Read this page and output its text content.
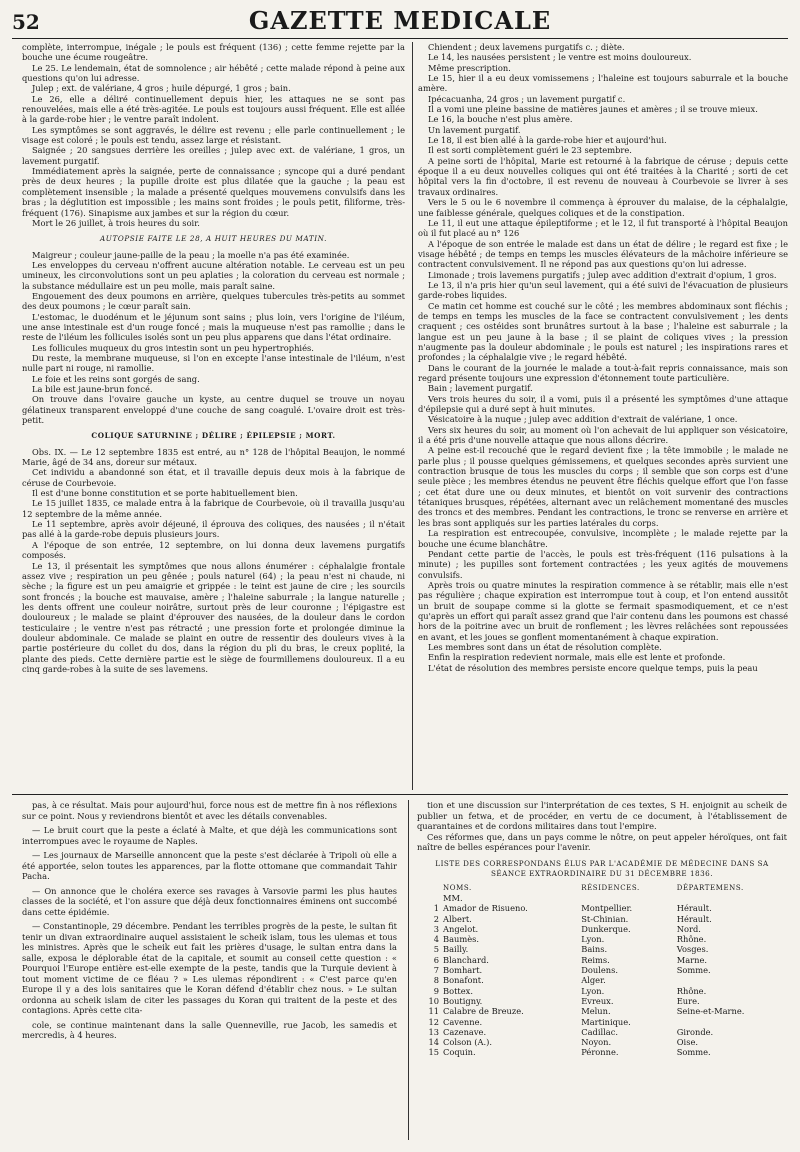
52	GAZETTE MEDICALE

complète, interrompue, inégale ; le pouls est fréquent (136) ; cette femme rejette par la bouche une écume rougeâtre.

Le 25. Le lendemain, état de somnolence ; air hébêté ; cette malade répond à peine aux questions qu'on lui adresse.

Julep ; ext. de valériane, 4 gros ; huile dépurgé, 1 gros ; bain.

Le 26, elle a déliré continuellement depuis hier, les attaques ne se sont pas renouvelées, mais elle a été très-agitée. Le pouls est toujours aussi fréquent. Elle est allée à la garde-robe hier ; le ventre paraît indolent.

Les symptômes se sont aggravés, le délire est revenu ; elle parle continuellement ; le visage est coloré ; le pouls est tendu, assez large et résistant.

Saignée ; 20 sangsues derrière les oreilles ; julep avec ext. de valériane, 1 gros, un lavement purgatif.

Immédiatement après la saignée, perte de connaissance ; syncope qui a duré pendant près de deux heures ; la pupille droite est plus dilatée que la gauche ; la peau est complètement insensible ; la malade a présenté quelques mouvemens convulsifs dans les bras ; la déglutition est impossible ; les mains sont froides ; le pouls petit, filiforme, très-fréquent (176). Sinapisme aux jambes et sur la région du cœur.

Mort le 26 juillet, à trois heures du soir.

AUTOPSIE FAITE LE 28, A HUIT HEURES DU MATIN.

Maigreur ; couleur jaune-paille de la peau ; la moelle n'a pas été examinée.

Les enveloppes du cerveau n'offrent aucune altération notable. Le cerveau est un peu umineux, les circonvolutions sont un peu aplaties ; la coloration du cerveau est normale ; la substance médullaire est un peu molle, mais paraît saine.

Engouement des deux poumons en arrière, quelques tubercules très-petits au sommet des deux poumons ; le cœur paraît sain.

L'estomac, le duodénum et le jéjunum sont sains ; plus loin, vers l'origine de l'iléum, une anse intestinale est d'un rouge foncé ; mais la muqueuse n'est pas ramollie ; dans le reste de l'iléum les follicules isolés sont un peu plus apparens que dans l'état ordinaire.

Les follicules muqueux du gros intestin sont un peu hypertrophiés.

Du reste, la membrane muqueuse, si l'on en excepte l'anse intestinale de l'iléum, n'est nulle part ni rouge, ni ramollie.

Le foie et les reins sont gorgés de sang.

La bile est jaune-brun foncé.

On trouve dans l'ovaire gauche un kyste, au centre duquel se trouve un noyau gélatineux transparent enveloppé d'une couche de sang coagulé. L'ovaire droit est très-petit.

COLIQUE SATURNINE ; DÉLIRE ; ÉPILEPSIE ; MORT.

Obs. IX. — Le 12 septembre 1835 est entré, au n° 128 de l'hôpital Beaujon, le nommé Marie, âgé de 34 ans, doreur sur métaux.

Cet individu a abandonné son état, et il travaille depuis deux mois à la fabrique de céruse de Courbevoie.

Il est d'une bonne constitution et se porte habituellement bien.

Le 15 juillet 1835, ce malade entra à la fabrique de Courbevoie, où il travailla jusqu'au 12 septembre de la même année.

Le 11 septembre, après avoir déjeuné, il éprouva des coliques, des nausées ; il n'était pas allé à la garde-robe depuis plusieurs jours.

A l'époque de son entrée, 12 septembre, on lui donna deux lavemens purgatifs composés.

Le 13, il présentait les symptômes que nous allons énumérer : céphalalgie frontale assez vive ; respiration un peu gênée ; pouls naturel (64) ; la peau n'est ni chaude, ni sèche ; la figure est un peu amaigrie et grippée : le teint est jaune de cire ; les sourcils sont froncés ; la bouche est mauvaise, amère ; l'haleine saburrale ; la langue naturelle ; les dents offrent une couleur noirâtre, surtout près de leur couronne ; l'épigastre est douloureux ; le malade se plaint d'éprouver des nausées, de la douleur dans le cordon testiculaire ; le ventre n'est pas rétracté ; une pression forte et prolongée diminue la douleur abdominale. Ce malade se plaint en outre de ressentir des douleurs vives à la partie postérieure du collet du dos, dans la région du pli du bras, le creux poplité, la plante des pieds. Cette dernière partie est le siège de fourmillemens douloureux. Il a eu cinq garde-robes à la suite de ses lavemens.

Chiendent ; deux lavemens purgatifs c. ; diète.

Le 14, les nausées persistent ; le ventre est moins douloureux.

Même prescription.

Le 15, hier il a eu deux vomissemens ; l'haleine est toujours saburrale et la bouche amère.

Ipécacuanha, 24 gros ; un lavement purgatif c.

Il a vomi une pleine bassine de matières jaunes et amères ; il se trouve mieux.

Le 16, la bouche n'est plus amère.

Un lavement purgatif.

Le 18, il est bien allé à la garde-robe hier et aujourd'hui.

Il est sorti complètement guéri le 23 septembre.

A peine sorti de l'hôpital, Marie est retourné à la fabrique de céruse ; depuis cette époque il a eu deux nouvelles coliques qui ont été traitées à la Charité ; sorti de cet hôpital vers la fin d'octobre, il est revenu de nouveau à Courbevoie se livrer à ses travaux ordinaires.

Vers le 5 ou le 6 novembre il commença à éprouver du malaise, de la céphalalgie, une faiblesse générale, quelques coliques et de la constipation.

Le 11, il eut une attaque épileptiforme ; et le 12, il fut transporté à l'hôpital Beaujon où il fut placé au n° 126

A l'époque de son entrée le malade est dans un état de délire ; le regard est fixe ; le visage hébêté ; de temps en temps les muscles élévateurs de la mâchoire inférieure se contractent convulsivement. Il ne répond pas aux questions qu'on lui adresse.

Limonade ; trois lavemens purgatifs ; julep avec addition d'extrait d'opium, 1 gros.

Le 13, il n'a pris hier qu'un seul lavement, qui a été suivi de l'évacuation de plusieurs garde-robes liquides.

Ce matin cet homme est couché sur le côté ; les membres abdominaux sont fléchis ; de temps en temps les muscles de la face se contractent convulsivement ; les dents craquent ; ces ostéides sont brunâtres surtout à la base ; l'haleine est saburrale ; la langue est un peu jaune à la base ; il se plaint de coliques vives ; la pression n'augmente pas la douleur abdominale ; le pouls est naturel ; les inspirations rares et profondes ; la céphalalgie vive ; le regard hébêté.

Dans le courant de la journée le malade a tout-à-fait repris connaissance, mais son regard présente toujours une expression d'étonnement toute particulière.

Bain ; lavement purgatif.

Vers trois heures du soir, il a vomi, puis il a présenté les symptômes d'une attaque d'épilepsie qui a duré sept à huit minutes.

Vésicatoire à la nuque ; julep avec addition d'extrait de valériane, 1 once.

Vers six heures du soir, au moment où l'on achevait de lui appliquer son vésicatoire, il a été pris d'une nouvelle attaque que nous allons décrire.

A peine est-il recouché que le regard devient fixe ; la tête immobile ; le malade ne parle plus ; il pousse quelques gémissemens, et quelques secondes après survient une contraction brusque de tous les muscles du corps ; il semble que son corps est d'une seule pièce ; les membres étendus ne peuvent être fléchis quelque effort que l'on fasse ; cet état dure une ou deux minutes, et bientôt on voit survenir des contractions tétaniques brusques, répétées, alternant avec un relâchement momentané des muscles des troncs et des membres. Pendant les contractions, le tronc se renverse en arrière et les bras sont appliqués sur les parties latérales du corps.

La respiration est entrecoupée, convulsive, incomplète ; le malade rejette par la bouche une écume blanchâtre.

Pendant cette partie de l'accès, le pouls est très-fréquent (116 pulsations à la minute) ; les pupilles sont fortement contractées ; les yeux agités de mouvemens convulsifs.

Après trois ou quatre minutes la respiration commence à se rétablir, mais elle n'est pas régulière ; chaque expiration est interrompue tout à coup, et l'on entend aussitôt un bruit de soupape comme si la glotte se fermait spasmodiquement, et ce n'est qu'après un effort qui paraît assez grand que l'air contenu dans les poumons est chassé hors de la poitrine avec un bruit de ronflement ; les lèvres relâchées sont repoussées en avant, et les joues se gonflent momentanément à chaque expiration.

Les membres sont dans un état de résolution complète.

Enfin la respiration redevient normale, mais elle est lente et profonde.

L'état de résolution des membres persiste encore quelque temps, puis la peau

pas, à ce résultat. Mais pour aujourd'hui, force nous est de mettre fin à nos réflexions sur ce point. Nous y reviendrons bientôt et avec les détails convenables.

— Le bruit court que la peste a éclaté à Malte, et que déjà les communications sont interrompues avec le royaume de Naples.

— Les journaux de Marseille annoncent que la peste s'est déclarée à Tripoli où elle a été apportée, selon toutes les apparences, par la flotte ottomane que commandait Tahir Pacha.

— On annonce que le choléra exerce ses ravages à Varsovie parmi les plus hautes classes de la société, et l'on assure que déjà deux fonctionnaires éminens ont succombé dans cette épidémie.

— Constantinople, 29 décembre. Pendant les terribles progrès de la peste, le sultan fit tenir un divan extraordinaire auquel assistaient le scheik islam, tous les ulemas et tous les ministres. Après que le scheik eut fait les prières d'usage, le sultan entra dans la salle, exposa le déplorable état de la capitale, et soumit au conseil cette question : « Pourquoi l'Europe entière est-elle exempte de la peste, tandis que la Turquie devient à tout moment victime de ce fléau ? » Les ulemas répondirent : « C'est parce qu'en Europe il y a des lois sanitaires que le Koran défend d'établir chez nous. » Le sultan ordonna au scheik islam de citer les passages du Koran qui traitent de la peste et des contagions. Après cette cita-

cole, se continue maintenant dans la salle Quenneville, rue Jacob, les samedis et mercredis, à 4 heures.

tion et une discussion sur l'interprétation de ces textes, S H. enjoignit au scheik de publier un fetwa, et de procéder, en vertu de ce document, à l'établissement de quarantaines et de cordons militaires dans tout l'empire.

Ces réformes que, dans un pays comme le nôtre, on peut appeler héroïques, ont fait naître de belles espérances pour l'avenir.

LISTE DES CORRESPONDANS ÉLUS PAR L'ACADÉMIE DE MÉDECINE DANS SA SÉANCE EXTRAORDINAIRE DU 31 DÉCEMBRE 1836.
	NOMS.	RÉSIDENCES.	DÉPARTEMENS.
	MM.		
1	Amador de Risueno.	Montpellier.	Hérault.
2	Albert.	St-Chinian.	Hérault.
3	Angelot.	Dunkerque.	Nord.
4	Baumès.	Lyon.	Rhône.
5	Bailly.	Bains.	Vosges.
6	Blanchard.	Reims.	Marne.
7	Bomhart.	Doulens.	Somme.
8	Bonafont.	Alger.	
9	Bottex.	Lyon.	Rhône.
10	Boutigny.	Evreux.	Eure.
11	Calabre de Breuze.	Melun.	Seine-et-Marne.
12	Cavenne.	Martinique.	
13	Cazenave.	Cadillac.	Gironde.
14	Colson (A.).	Noyon.	Oise.
15	Coquin.	Péronne.	Somme.
